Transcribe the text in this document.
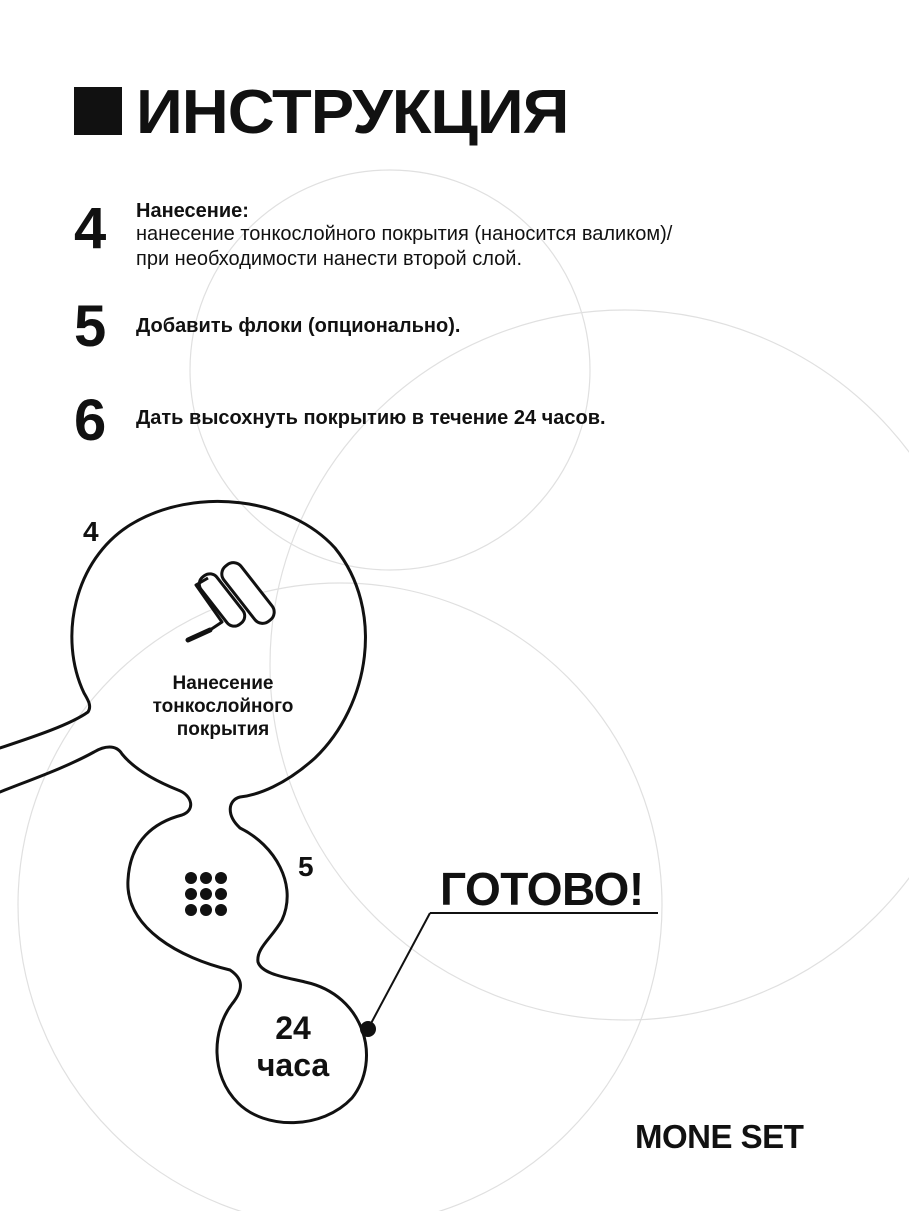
ИНСТРУКЦИЯ
4	Нанесение:
нанесение тонкослойного покрытия (наносится валиком)/
при необходимости нанести второй слой.
5	Добавить флоки (опционально).
6	Дать высохнуть покрытию в течение 24 часов.
4
Нанесение
тонкослойного
покрытия
5
24
часа
ГОТОВО!
MONE SET
